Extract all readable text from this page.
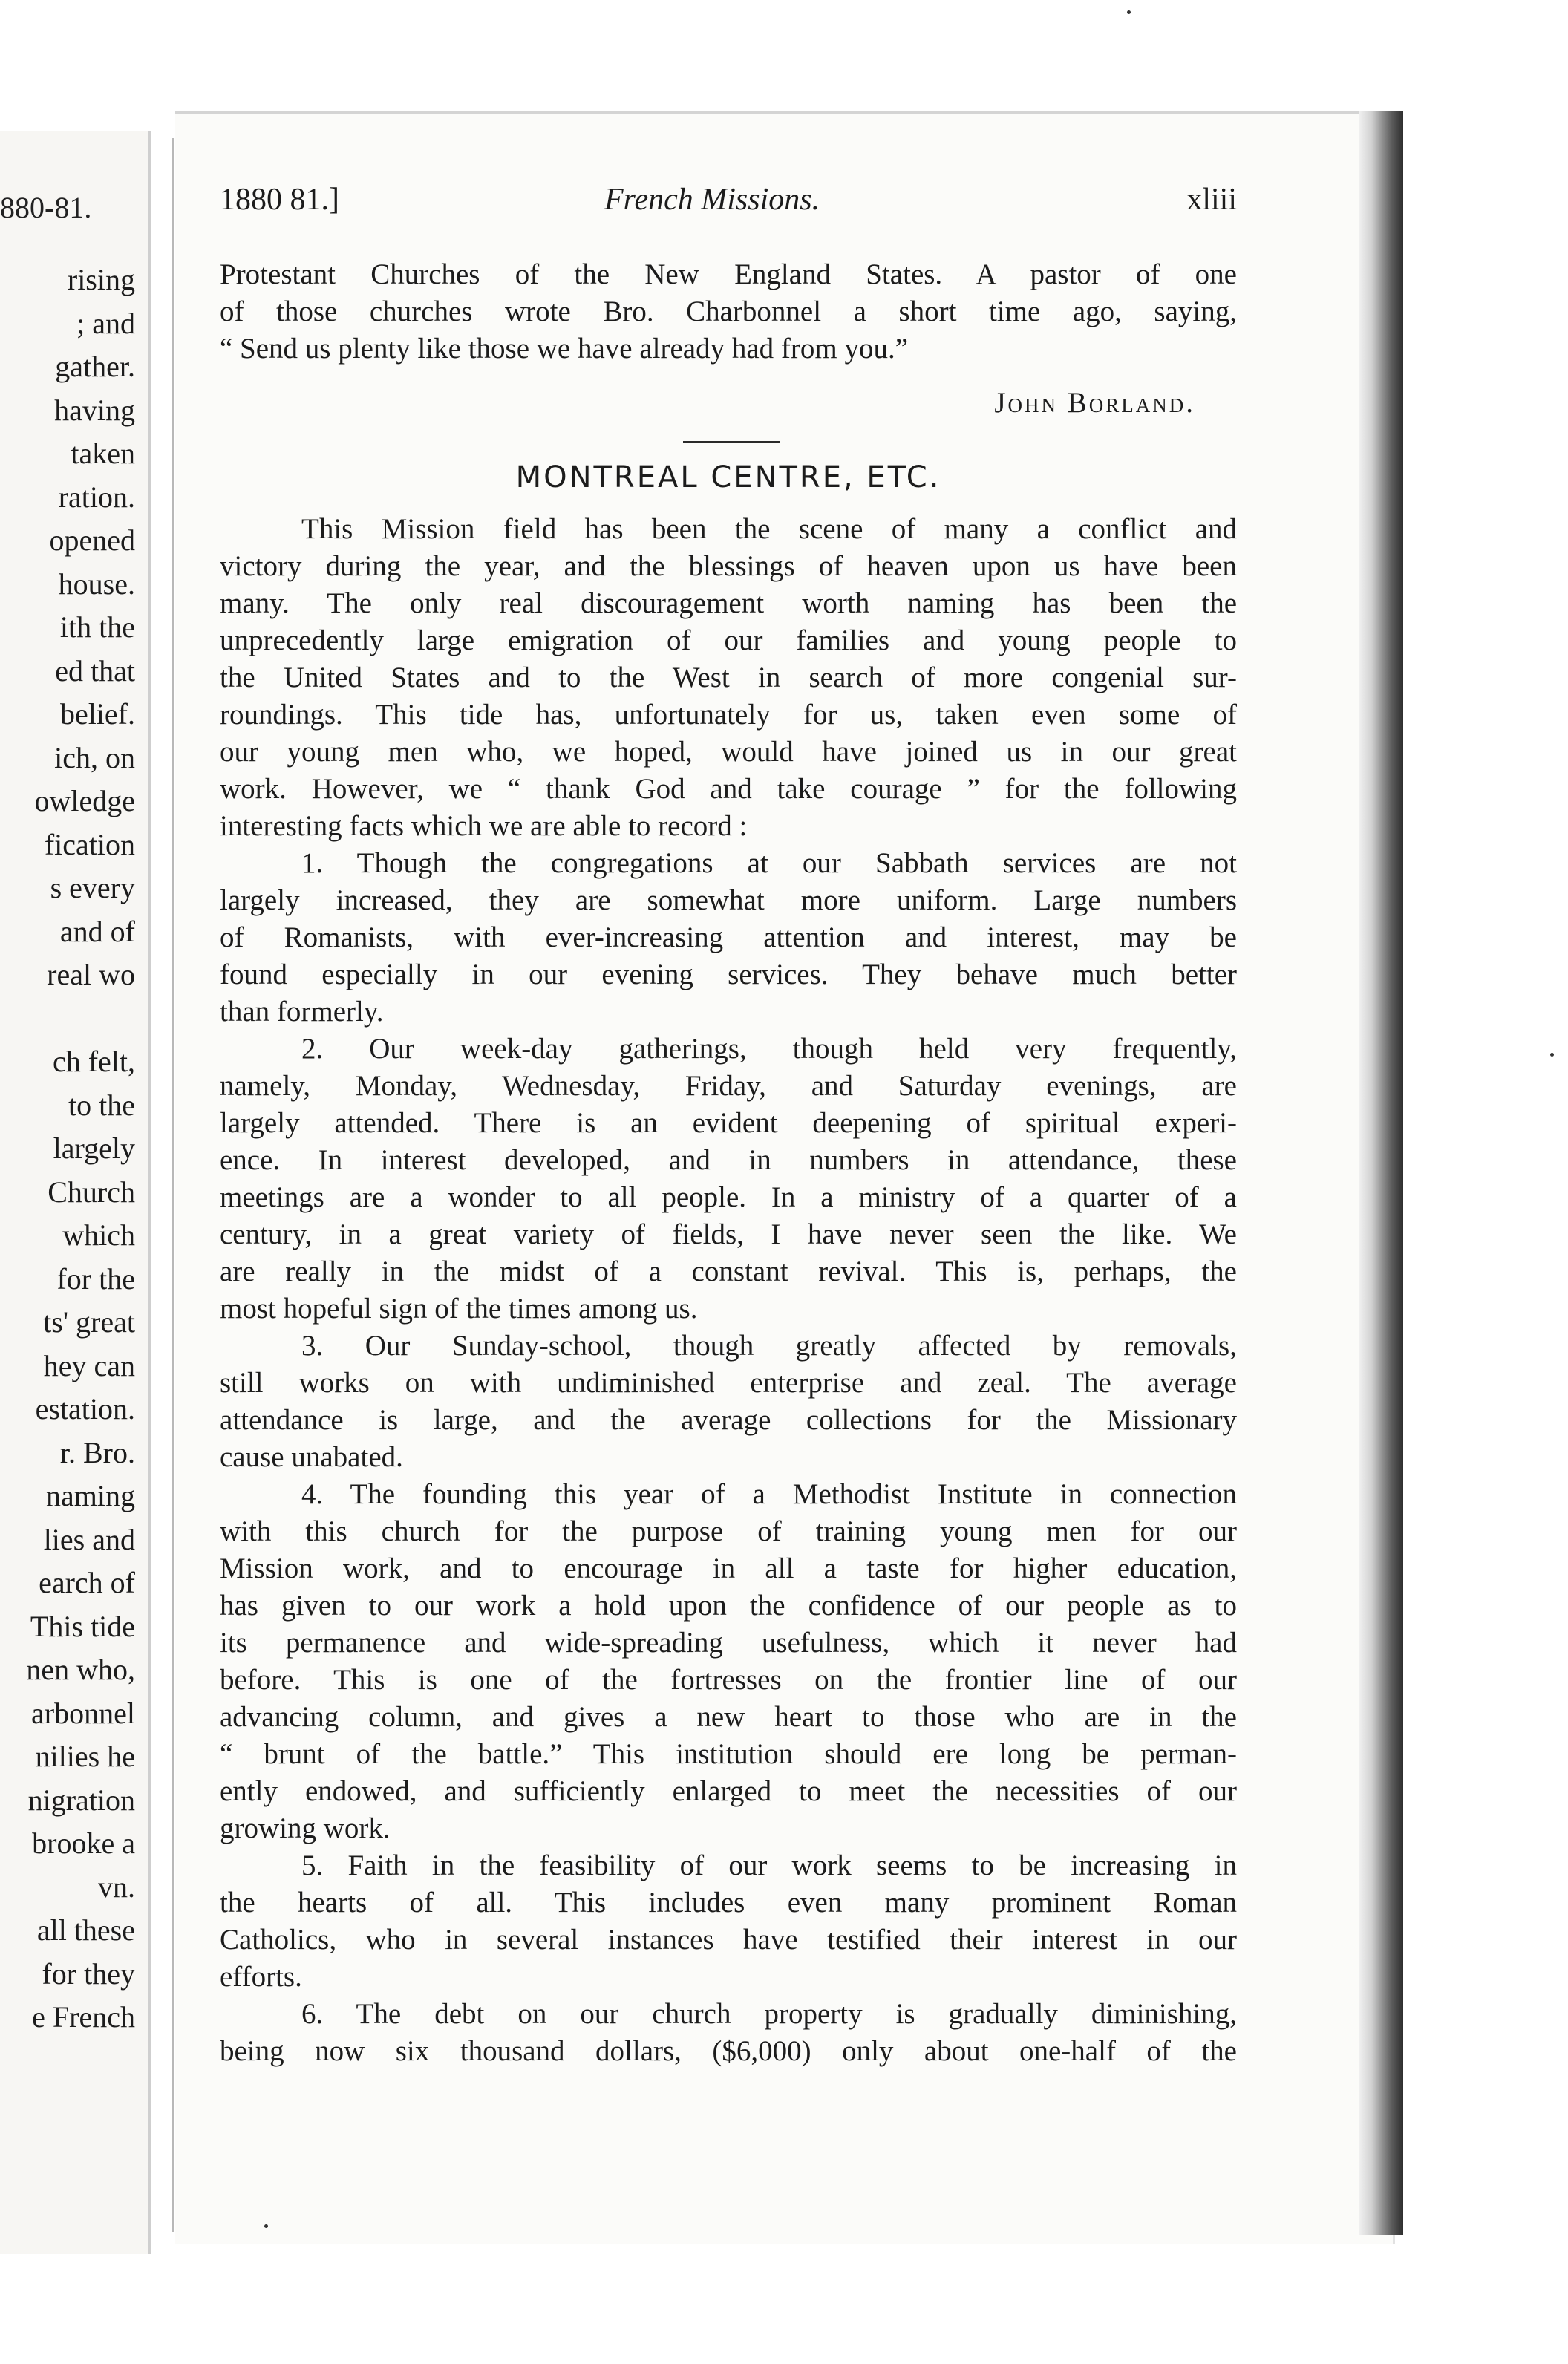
880-81.
rising
; and
gather.
having
taken
ration.
opened
house.
ith the
ed that
belief.
ich, on
owledge
fication
s every
and of
real wo
ch felt,
to the
largely
Church
which
for the
ts' great
hey can
estation.
r. Bro.
naming
lies and
earch of
This tide
nen who,
arbonnel
nilies he
nigration
brooke a
vn.
all these
for they
e French
1880 81.]	French Missions.	xliii
Protestant Churches of the New England States. A pastor of one
of those churches wrote Bro. Charbonnel a short time ago, saying,
“ Send us plenty like those we have already had from you.”
John Borland.
MONTREAL CENTRE, ETC.
This Mission field has been the scene of many a conflict and
victory during the year, and the blessings of heaven upon us have been
many. The only real discouragement worth naming has been the
unprecedently large emigration of our families and young people to
the United States and to the West in search of more congenial sur-
roundings. This tide has, unfortunately for us, taken even some of
our young men who, we hoped, would have joined us in our great
work. However, we “ thank God and take courage ” for the following
interesting facts which we are able to record :
1. Though the congregations at our Sabbath services are not
largely increased, they are somewhat more uniform. Large numbers
of Romanists, with ever-increasing attention and interest, may be
found especially in our evening services. They behave much better
than formerly.
2. Our week-day gatherings, though held very frequently,
namely, Monday, Wednesday, Friday, and Saturday evenings, are
largely attended. There is an evident deepening of spiritual experi-
ence. In interest developed, and in numbers in attendance, these
meetings are a wonder to all people. In a ministry of a quarter of a
century, in a great variety of fields, I have never seen the like. We
are really in the midst of a constant revival. This is, perhaps, the
most hopeful sign of the times among us.
3. Our Sunday-school, though greatly affected by removals,
still works on with undiminished enterprise and zeal. The average
attendance is large, and the average collections for the Missionary
cause unabated.
4. The founding this year of a Methodist Institute in connection
with this church for the purpose of training young men for our
Mission work, and to encourage in all a taste for higher education,
has given to our work a hold upon the confidence of our people as to
its permanence and wide-spreading usefulness, which it never had
before. This is one of the fortresses on the frontier line of our
advancing column, and gives a new heart to those who are in the
“ brunt of the battle.” This institution should ere long be perman-
ently endowed, and sufficiently enlarged to meet the necessities of our
growing work.
5. Faith in the feasibility of our work seems to be increasing in
the hearts of all. This includes even many prominent Roman
Catholics, who in several instances have testified their interest in our
efforts.
6. The debt on our church property is gradually diminishing,
being now six thousand dollars, ($6,000) only about one-half of the
